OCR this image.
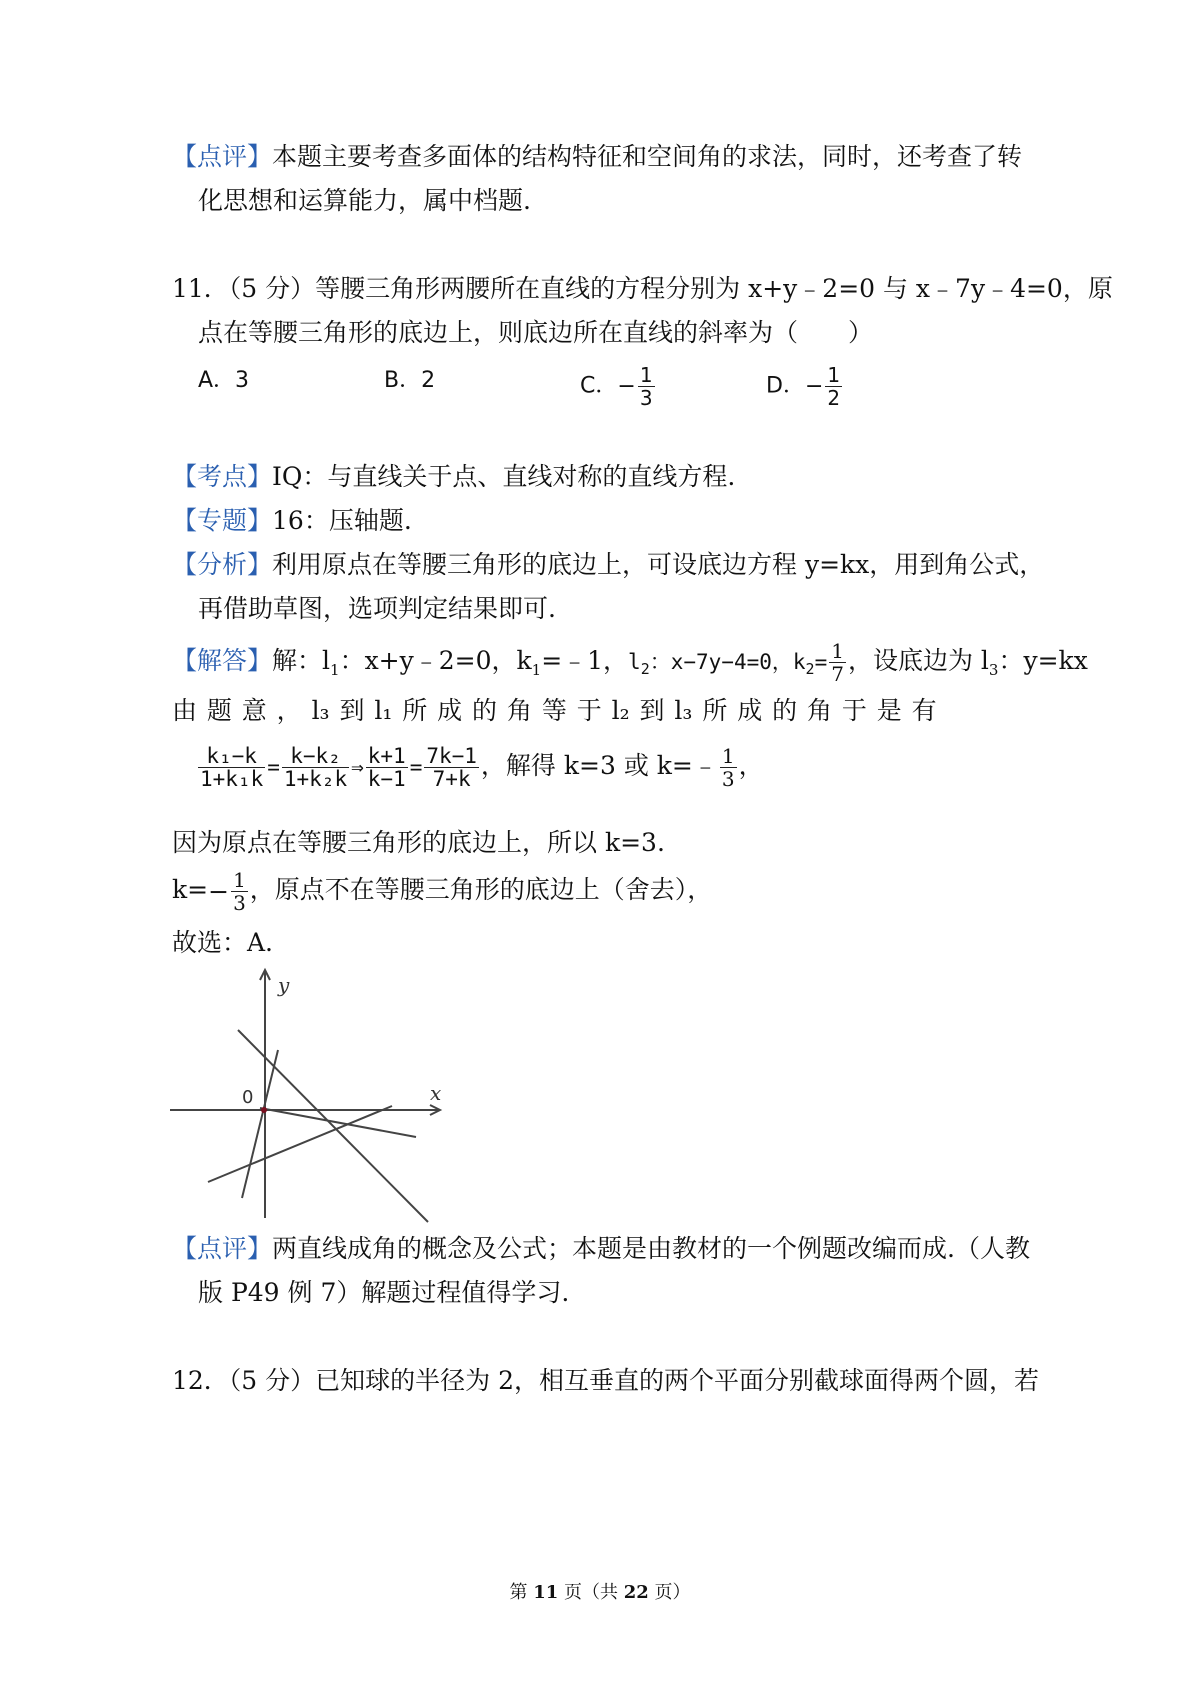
【点评】本题主要考查多面体的结构特征和空间角的求法，同时，还考查了转
化思想和运算能力，属中档题.
11．（5 分）等腰三角形两腰所在直线的方程分别为 x+y﹣2=0 与 x﹣7y﹣4=0，原
点在等腰三角形的底边上，则底边所在直线的斜率为（　　）
A．3	B．2	C．− $\frac{1}{3}$	D．− $\frac{1}{2}$
【考点】IQ：与直线关于点、直线对称的直线方程.
【专题】16：压轴题.
【分析】利用原点在等腰三角形的底边上，可设底边方程 y=kx，用到角公式，
再借助草图，选项判定结果即可.
【解答】解：$l_1$：x+y﹣2=0，$k_1=﹣1$，$l_2$：x−7y−4=0，$k_2= \frac{1}{7}$ ，设底边为 $l_3$：y=kx
由 题 意 ， l₃ 到 l₁ 所 成 的 角 等 于 l₂ 到 l₃ 所 成 的 角 于 是 有
$\frac{\text{k₁−k}}{\text{1+k₁k}} = \frac{\text{k−k₂}}{\text{1+k₂k}}$ ⇒ $\frac{k+1}{k-1} = \frac{7k-1}{7+k}$ ，解得 k=3 或 k=﹣ $\frac{1}{3}$ ，
因为原点在等腰三角形的底边上，所以 k=3.
$k=- \frac{1}{3}$ ，原点不在等腰三角形的底边上（舍去），
故选：A.
y
x
0
【点评】两直线成角的概念及公式；本题是由教材的一个例题改编而成.（人教
版 P49 例 7）解题过程值得学习.
12．（5 分）已知球的半径为 2，相互垂直的两个平面分别截球面得两个圆，若
第 11 页（共 22 页）
